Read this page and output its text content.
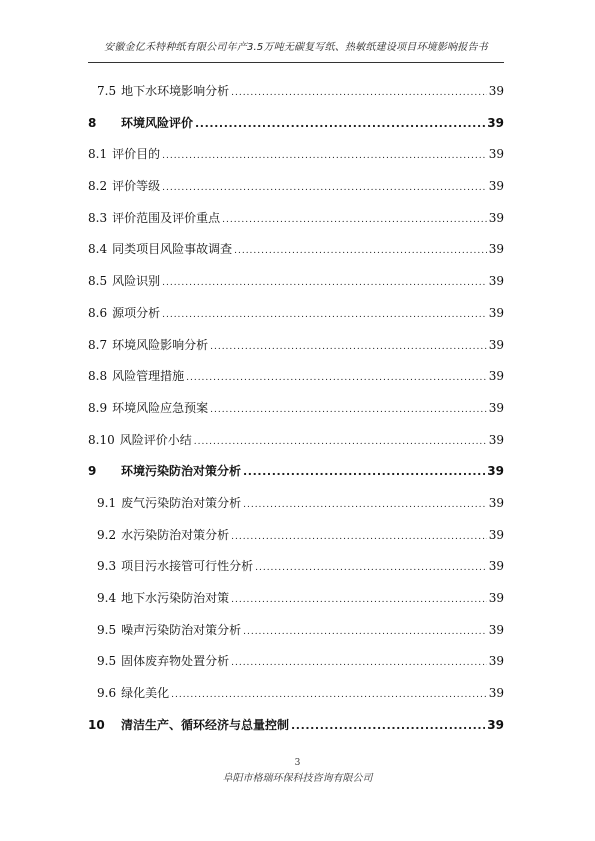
安徽金亿禾特种纸有限公司年产3.5万吨无碳复写纸、热敏纸建设项目环境影响报告书
7.5 地下水环境影响分析 .....	39
8	环境风险评价 .....	39
8.1 评价目的 .....	39
8.2 评价等级 .....	39
8.3 评价范围及评价重点 .....	39
8.4 同类项目风险事故调查 .....	39
8.5 风险识别 .....	39
8.6 源项分析 .....	39
8.7 环境风险影响分析 .....	39
8.8 风险管理措施 .....	39
8.9 环境风险应急预案 .....	39
8.10 风险评价小结 .....	39
9	环境污染防治对策分析 .....	39
9.1 废气污染防治对策分析 .....	39
9.2 水污染防治对策分析 .....	39
9.3 项目污水接管可行性分析 .....	39
9.4 地下水污染防治对策 .....	39
9.5 噪声污染防治对策分析 .....	39
9.5 固体废弃物处置分析 .....	39
9.6 绿化美化 .....	39
10	清洁生产、循环经济与总量控制 .....	39
3
阜阳市格瑞环保科技咨询有限公司
